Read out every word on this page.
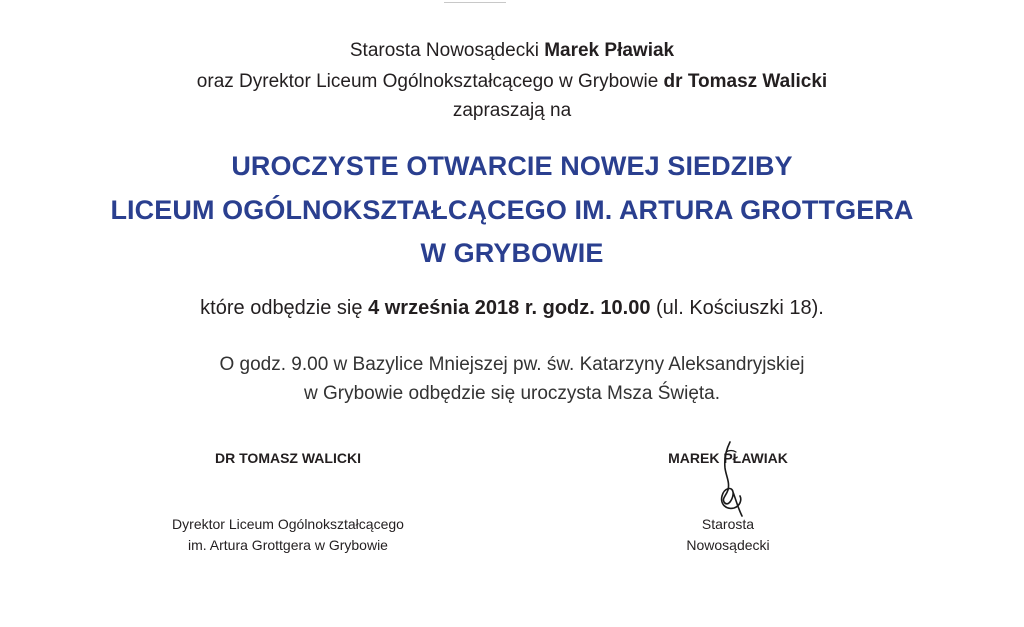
Starosta Nowosądecki Marek Pławiak
oraz Dyrektor Liceum Ogólnokształcącego w Grybowie dr Tomasz Walicki
zapraszają na
UROCZYSTE OTWARCIE NOWEJ SIEDZIBY
LICEUM OGÓLNOKSZTAŁCĄCEGO IM. ARTURA GROTTGERA
W GRYBOWIE
które odbędzie się 4 września 2018 r. godz. 10.00 (ul. Kościuszki 18).
O godz. 9.00 w Bazylice Mniejszej pw. św. Katarzyny Aleksandryjskiej
w Grybowie odbędzie się uroczysta Msza Święta.
DR TOMASZ WALICKI
Dyrektor Liceum Ogólnokształcącego
im. Artura Grottgera w Grybowie
MAREK PŁAWIAK
Starosta
Nowosądecki
